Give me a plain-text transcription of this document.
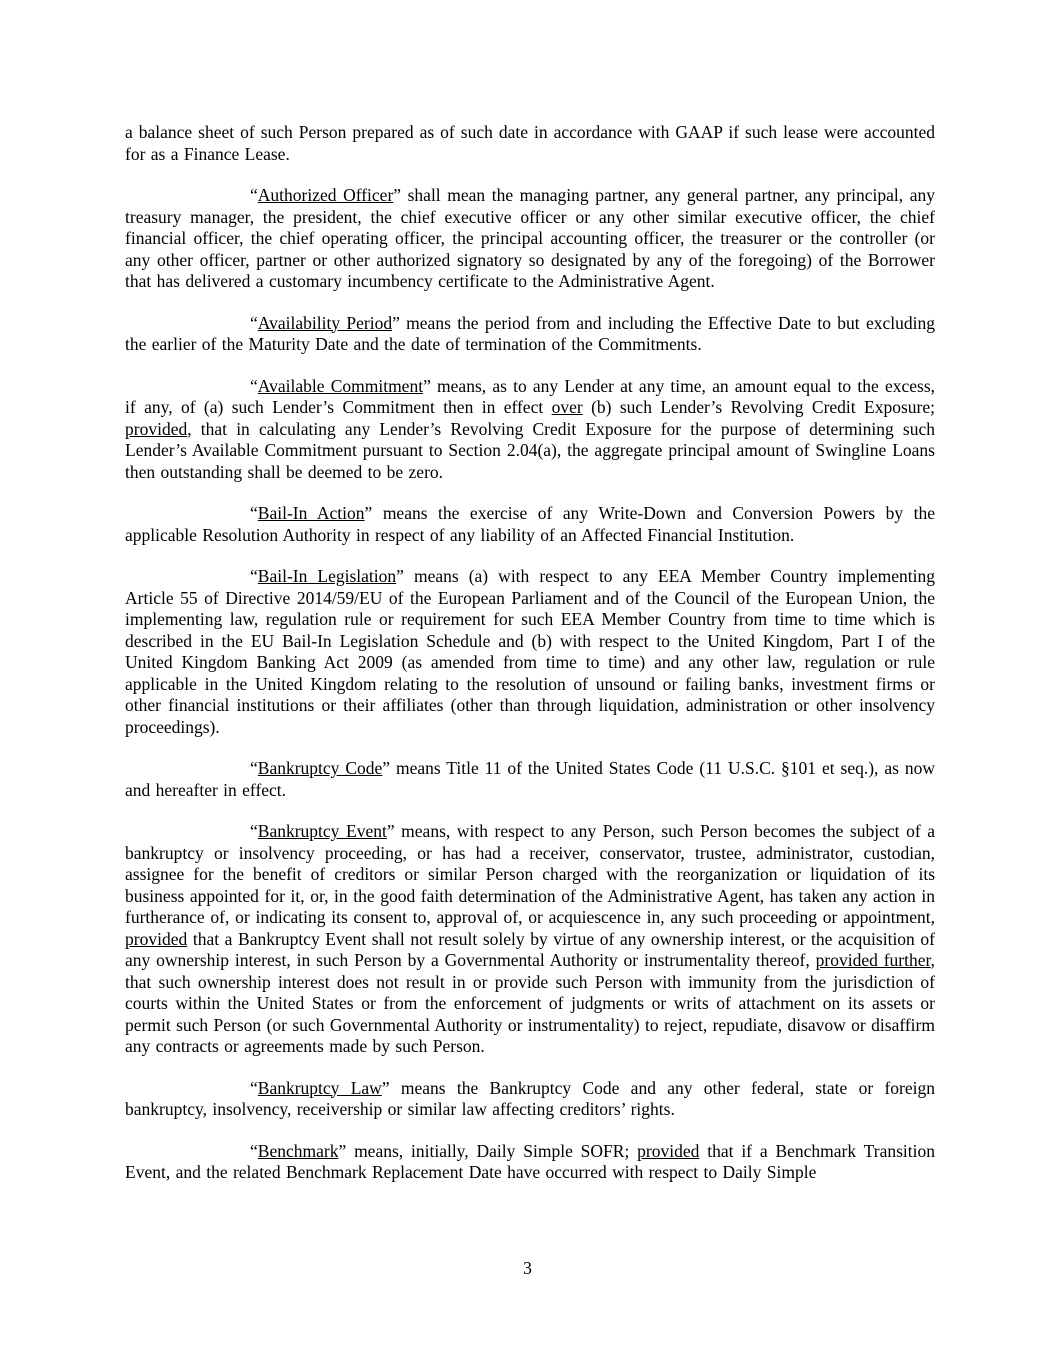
a balance sheet of such Person prepared as of such date in accordance with GAAP if such lease were accounted for as a Finance Lease.

“Authorized Officer” shall mean the managing partner, any general partner, any principal, any treasury manager, the president, the chief executive officer or any other similar executive officer, the chief financial officer, the chief operating officer, the principal accounting officer, the treasurer or the controller (or any other officer, partner or other authorized signatory so designated by any of the foregoing) of the Borrower that has delivered a customary incumbency certificate to the Administrative Agent.

“Availability Period” means the period from and including the Effective Date to but excluding the earlier of the Maturity Date and the date of termination of the Commitments.

“Available Commitment” means, as to any Lender at any time, an amount equal to the excess, if any, of (a) such Lender’s Commitment then in effect over (b) such Lender’s Revolving Credit Exposure; provided, that in calculating any Lender’s Revolving Credit Exposure for the purpose of determining such Lender’s Available Commitment pursuant to Section 2.04(a), the aggregate principal amount of Swingline Loans then outstanding shall be deemed to be zero.

“Bail-In Action” means the exercise of any Write-Down and Conversion Powers by the applicable Resolution Authority in respect of any liability of an Affected Financial Institution.

“Bail-In Legislation” means (a) with respect to any EEA Member Country implementing Article 55 of Directive 2014/59/EU of the European Parliament and of the Council of the European Union, the implementing law, regulation rule or requirement for such EEA Member Country from time to time which is described in the EU Bail-In Legislation Schedule and (b) with respect to the United Kingdom, Part I of the United Kingdom Banking Act 2009 (as amended from time to time) and any other law, regulation or rule applicable in the United Kingdom relating to the resolution of unsound or failing banks, investment firms or other financial institutions or their affiliates (other than through liquidation, administration or other insolvency proceedings).

“Bankruptcy Code” means Title 11 of the United States Code (11 U.S.C. §101 et seq.), as now and hereafter in effect.

“Bankruptcy Event” means, with respect to any Person, such Person becomes the subject of a bankruptcy or insolvency proceeding, or has had a receiver, conservator, trustee, administrator, custodian, assignee for the benefit of creditors or similar Person charged with the reorganization or liquidation of its business appointed for it, or, in the good faith determination of the Administrative Agent, has taken any action in furtherance of, or indicating its consent to, approval of, or acquiescence in, any such proceeding or appointment, provided that a Bankruptcy Event shall not result solely by virtue of any ownership interest, or the acquisition of any ownership interest, in such Person by a Governmental Authority or instrumentality thereof, provided further, that such ownership interest does not result in or provide such Person with immunity from the jurisdiction of courts within the United States or from the enforcement of judgments or writs of attachment on its assets or permit such Person (or such Governmental Authority or instrumentality) to reject, repudiate, disavow or disaffirm any contracts or agreements made by such Person.

“Bankruptcy Law” means the Bankruptcy Code and any other federal, state or foreign bankruptcy, insolvency, receivership or similar law affecting creditors’ rights.

“Benchmark” means, initially, Daily Simple SOFR; provided that if a Benchmark Transition Event, and the related Benchmark Replacement Date have occurred with respect to Daily Simple

3
